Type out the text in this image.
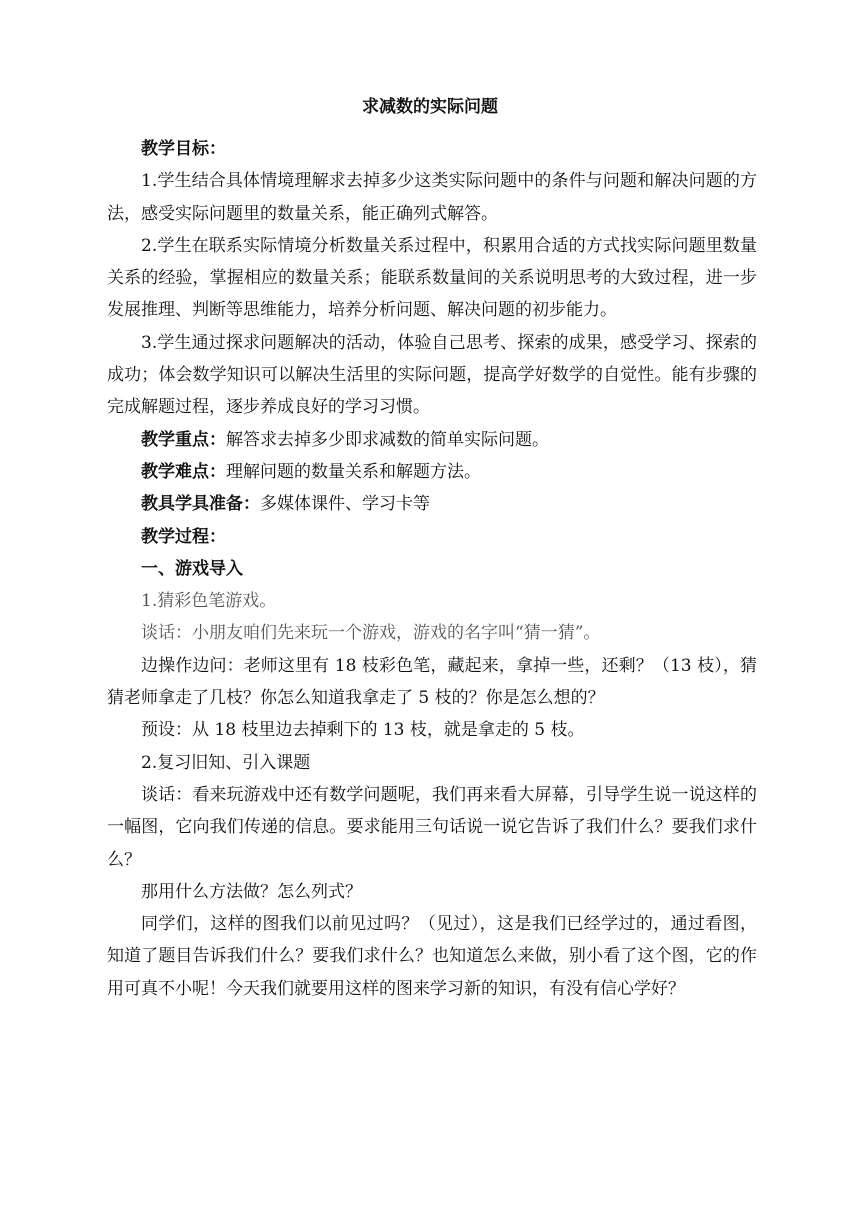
求减数的实际问题

教学目标：

1.学生结合具体情境理解求去掉多少这类实际问题中的条件与问题和解决问题的方法，感受实际问题里的数量关系，能正确列式解答。

2.学生在联系实际情境分析数量关系过程中，积累用合适的方式找实际问题里数量关系的经验，掌握相应的数量关系；能联系数量间的关系说明思考的大致过程，进一步发展推理、判断等思维能力，培养分析问题、解决问题的初步能力。

3.学生通过探求问题解决的活动，体验自己思考、探索的成果，感受学习、探索的成功；体会数学知识可以解决生活里的实际问题，提高学好数学的自觉性。能有步骤的完成解题过程，逐步养成良好的学习习惯。

教学重点：解答求去掉多少即求减数的简单实际问题。

教学难点：理解问题的数量关系和解题方法。

教具学具准备：多媒体课件、学习卡等

教学过程：

一、游戏导入

1.猜彩色笔游戏。

谈话：小朋友咱们先来玩一个游戏，游戏的名字叫“猜一猜”。

边操作边问：老师这里有 18 枝彩色笔，藏起来，拿掉一些，还剩？（13 枝），猜猜老师拿走了几枝？你怎么知道我拿走了 5 枝的？你是怎么想的？

预设：从 18 枝里边去掉剩下的 13 枝，就是拿走的 5 枝。

2.复习旧知、引入课题

谈话：看来玩游戏中还有数学问题呢，我们再来看大屏幕，引导学生说一说这样的一幅图，它向我们传递的信息。要求能用三句话说一说它告诉了我们什么？要我们求什么？

那用什么方法做？怎么列式？

同学们，这样的图我们以前见过吗？（见过），这是我们已经学过的，通过看图，知道了题目告诉我们什么？要我们求什么？也知道怎么来做，别小看了这个图，它的作用可真不小呢！今天我们就要用这样的图来学习新的知识，有没有信心学好？
